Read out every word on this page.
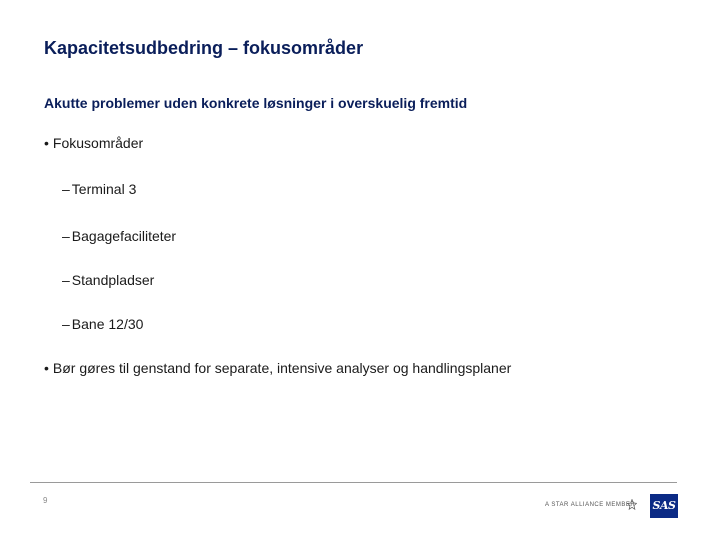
Kapacitetsudbedring – fokusområder
Akutte problemer uden konkrete løsninger i overskuelig fremtid
• Fokusområder
– Terminal 3
– Bagagefaciliteter
– Standpladser
– Bane 12/30
• Bør gøres til genstand for separate, intensive analyser og handlingsplaner
9	A STAR ALLIANCE MEMBER SAS
